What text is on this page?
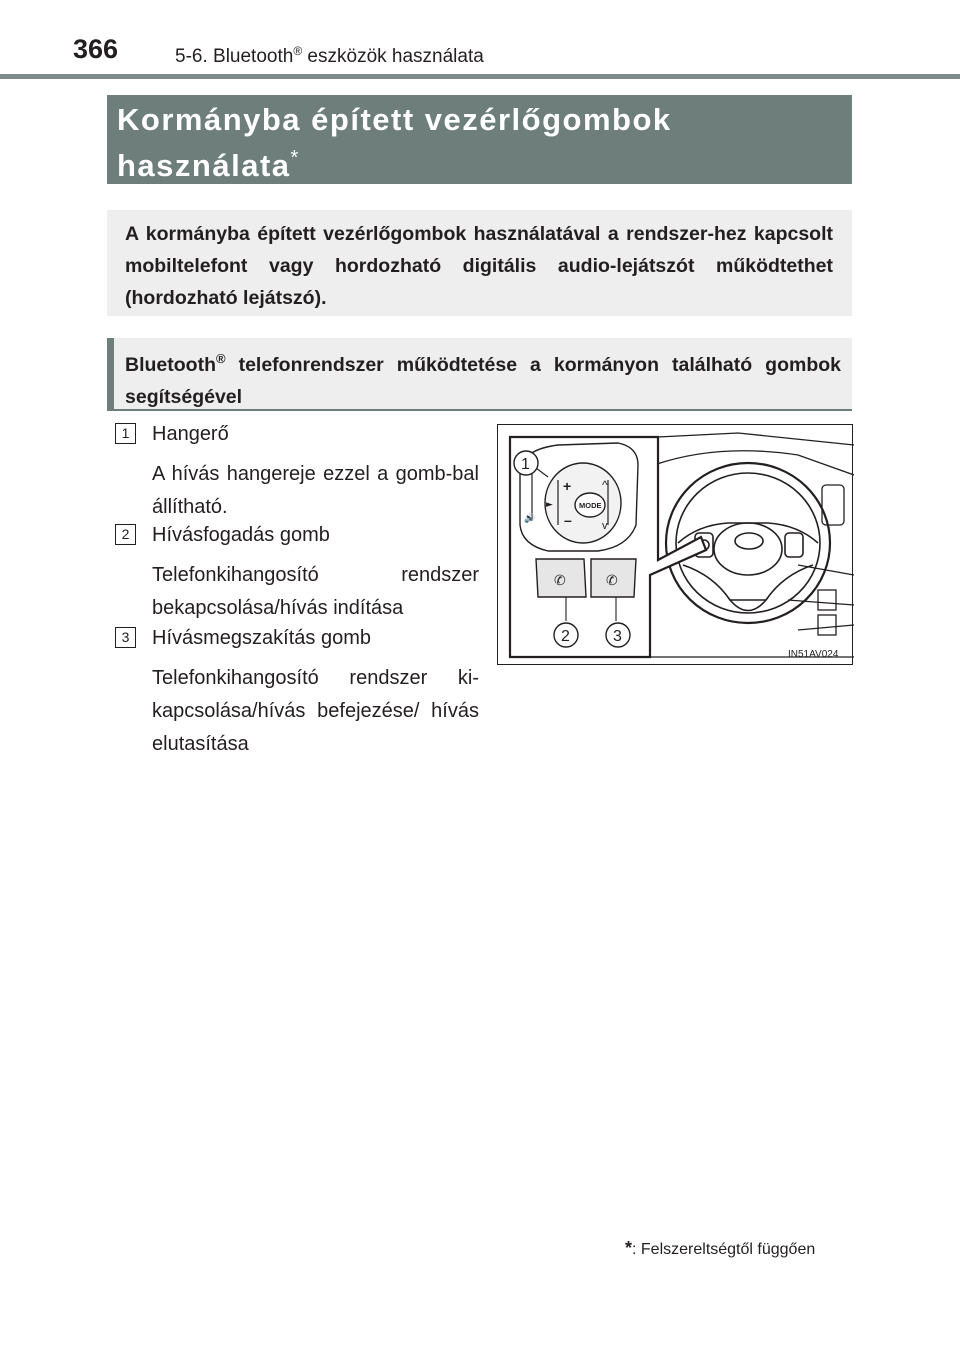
366	5-6. Bluetooth® eszközök használata
Kormányba épített vezérlőgombok
használata*
A kormányba épített vezérlőgombok használatával a rendszer-hez kapcsolt mobiltelefont vagy hordozható digitális audio-lejátszót működtethet (hordozható lejátszó).
Bluetooth® telefonrendszer működtetése a kormányon található gombok segítségével
1	Hangerő
A hívás hangereje ezzel a gomb-bal állítható.
2	Hívásfogadás gomb
Telefonkihangosító rendszer bekapcsolása/hívás indítása
3	Hívásmegszakítás gomb
Telefonkihangosító rendszer ki-kapcsolása/hívás befejezése/ hívás elutasítása
🔊
+
–
^
v
MODE
►
✆	✆
1
2	3
IN51AV024
*: Felszereltségtől függően
